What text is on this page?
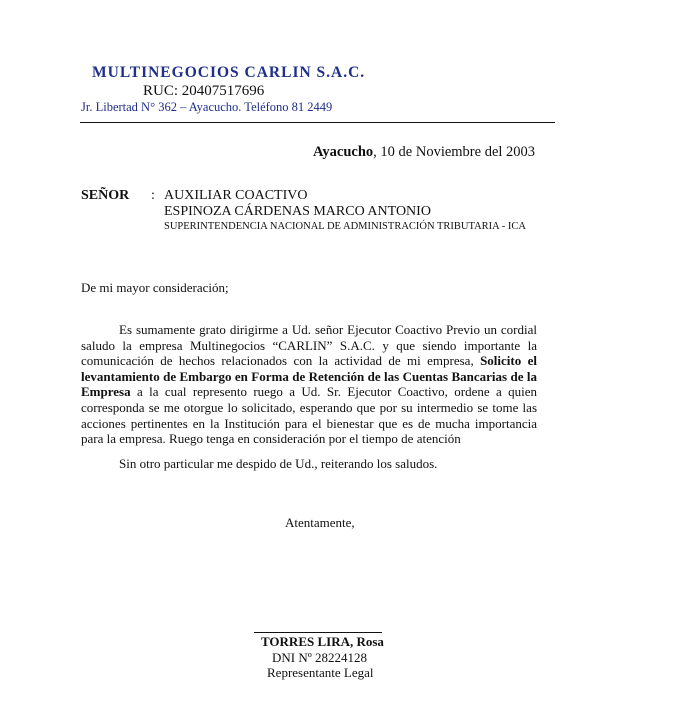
MULTINEGOCIOS CARLIN S.A.C.
RUC: 20407517696
Jr. Libertad N° 362 – Ayacucho. Teléfono 81 2449
Ayacucho, 10 de Noviembre del 2003
SEÑOR : AUXILIAR COACTIVO
ESPINOZA CÁRDENAS MARCO ANTONIO
SUPERINTENDENCIA NACIONAL DE ADMINISTRACIÓN TRIBUTARIA - ICA
De mi mayor consideración;
Es sumamente grato dirigirme a Ud. señor Ejecutor Coactivo Previo un cordial saludo la empresa Multinegocios “CARLIN” S.A.C. y que siendo importante la comunicación de hechos relacionados con la actividad de mi empresa, Solicito el levantamiento de Embargo en Forma de Retención de las Cuentas Bancarias de la Empresa a la cual represento ruego a Ud. Sr. Ejecutor Coactivo, ordene a quien corresponda se me otorgue lo solicitado, esperando que por su intermedio se tome las acciones pertinentes en la Institución para el bienestar que es de mucha importancia para la empresa. Ruego tenga en consideración por el tiempo de atención
Sin otro particular me despido de Ud., reiterando los saludos.
Atentamente,
TORRES LIRA, Rosa
DNI Nº 28224128
Representante Legal
